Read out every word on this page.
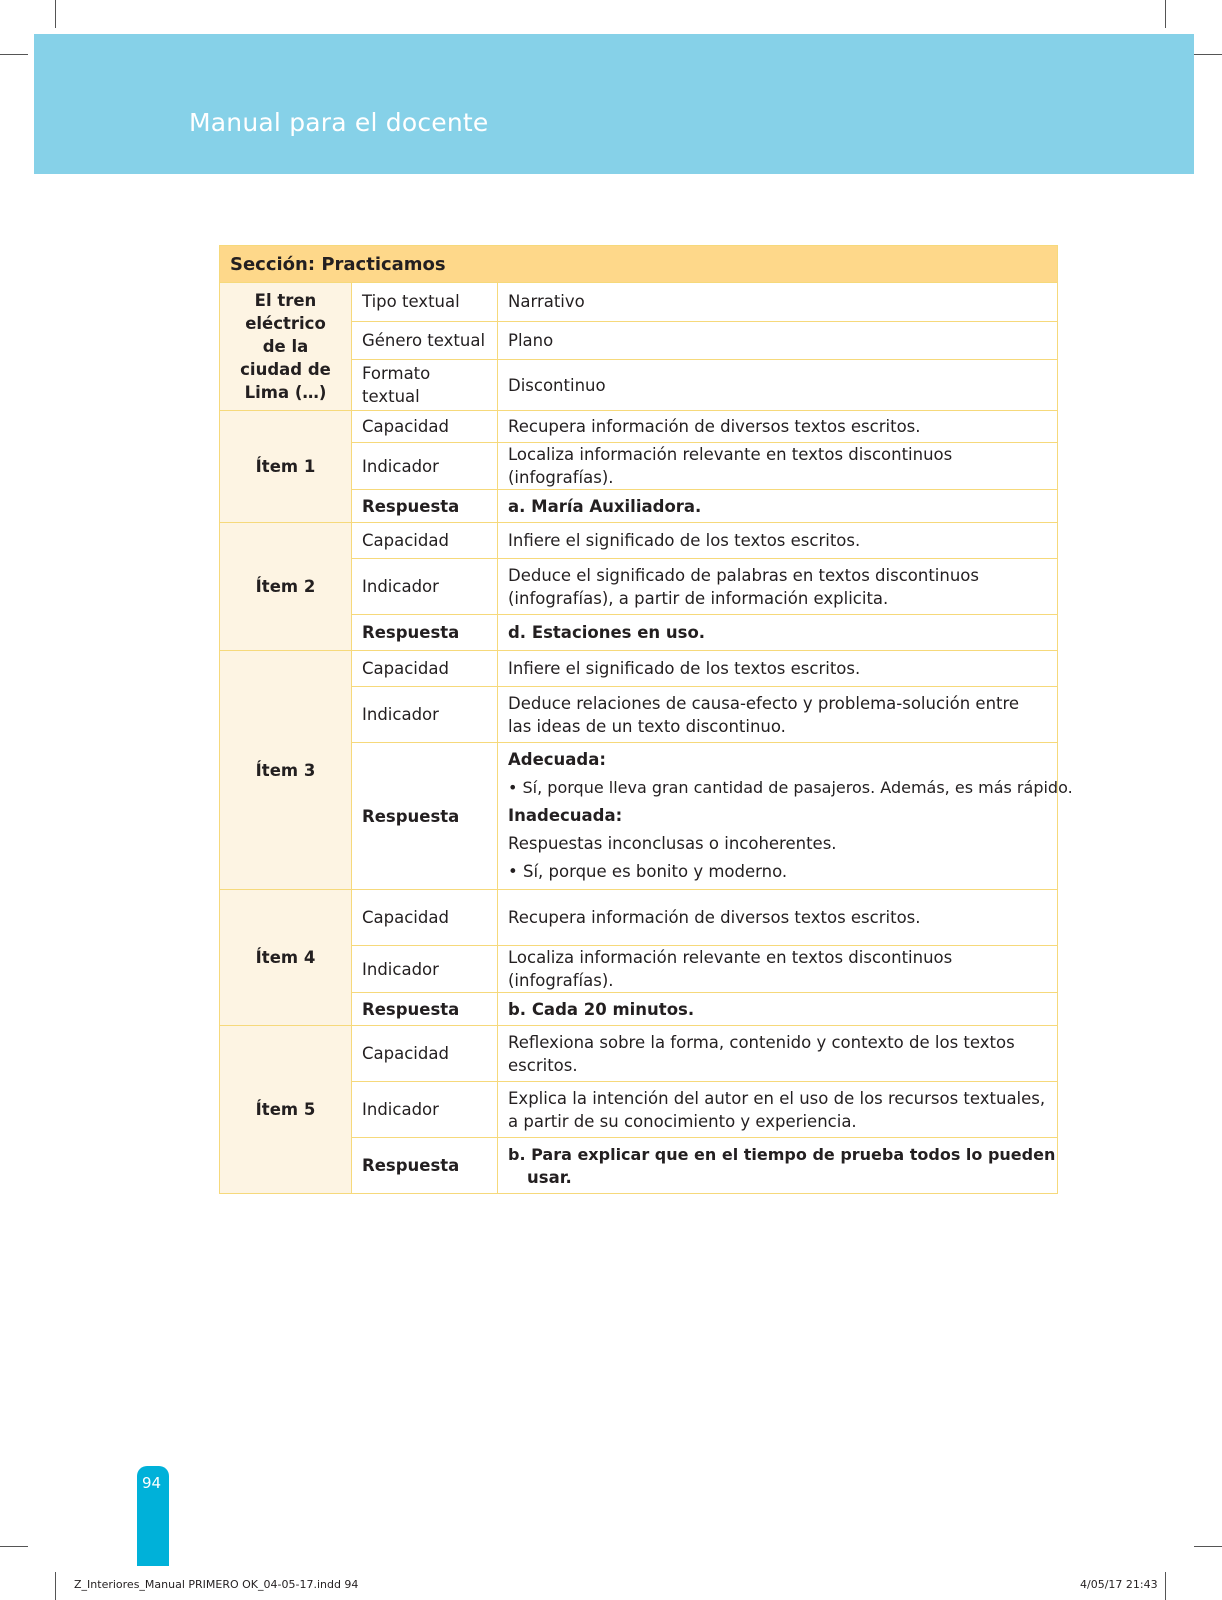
Manual para el docente
Sección: Practicamos		
El tren eléctrico de la ciudad de Lima (…)	Tipo textual	Narrativo
	Género textual	Plano
	Formato textual	Discontinuo
Ítem 1	Capacidad	Recupera información de diversos textos escritos.
	Indicador	Localiza información relevante en textos discontinuos (infografías).
	Respuesta	a. María Auxiliadora.
Ítem 2	Capacidad	Infiere el significado de los textos escritos.
	Indicador	Deduce el significado de palabras en textos discontinuos (infografías), a partir de información explicita.
	Respuesta	d. Estaciones en uso.
Ítem 3	Capacidad	Infiere el significado de los textos escritos.
	Indicador	Deduce relaciones de causa-efecto y problema-solución entre las ideas de un texto discontinuo.
	Respuesta	Adecuada:
• Sí, porque lleva gran cantidad de pasajeros. Además, es más rápido.
Inadecuada:
Respuestas inconclusas o incoherentes.
• Sí, porque es bonito y moderno.

Ítem 4	Capacidad	Recupera información de diversos textos escritos.
	Indicador	Localiza información relevante en textos discontinuos (infografías).
	Respuesta	b. Cada 20 minutos.
Ítem 5	Capacidad	Reflexiona sobre la forma, contenido y contexto de los textos escritos.
	Indicador	Explica la intención del autor en el uso de los recursos textuales, a partir de su conocimiento y experiencia.
	Respuesta	b. Para explicar que en el tiempo de prueba todos lo pueden
usar.
94
Z_Interiores_Manual PRIMERO OK_04-05-17.indd 94	4/05/17 21:43
